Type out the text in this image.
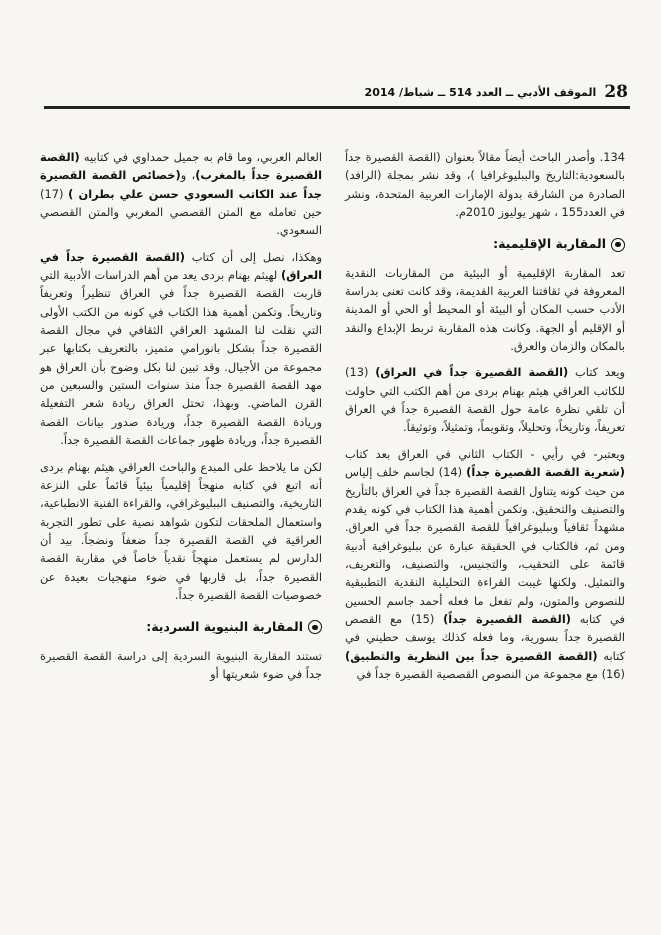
28
الموقف الأدبي ــ العدد 514 ــ شباط/ 2014

134. وأصدر الباحث أيضاً مقالاً بعنوان (القصة القصيرة جداً بالسعودية:التاريخ والببليوغرافيا )، وقد نشر بمجلة (الرافد) الصادرة من الشارقة بدولة الإمارات العربية المتحدة، ونشر في العدد155 ، شهر يوليوز 2010م.

المقاربة الإقليمية:

تعد المقاربة الإقليمية أو البيئية من المقاربات النقدية المعروفة في ثقافتنا العربية القديمة، وقد كانت تعنى بدراسة الأدب حسب المكان أو البيئة أو المحيط أو الحي أو المدينة أو الإقليم أو الجهة. وكانت هذه المقاربة تربط الإبداع والنقد بالمكان والزمان والعرق.

ويعد كتاب (القصة القصيرة جداً في العراق) (13) للكاتب العراقي هيثم بهنام بردى من أهم الكتب التي حاولت أن تلقي نظرة عامة حول القصة القصيرة جداً في العراق تعريفاً، وتاريخاً، وتحليلاً، وتقويماً، وتمثيلاً، وتوثيقاً.

ويعتبر- في رأيي - الكتاب الثاني في العراق بعد كتاب (شعرية القصة القصيرة جداً) (14) لجاسم خلف إلياس من حيث كونه يتناول القصة القصيرة جداً في العراق بالتأريخ والتصنيف والتحقيق. وتكمن أهمية هذا الكتاب في كونه يقدم مشهداً ثقافياً وببليوغرافياً للقصة القصيرة جداً في العراق. ومن ثم، فالكتاب في الحقيقة عبارة عن ببليوغرافية أدبية قائمة على التحقيب، والتجنيس، والتصنيف، والتعريف، والتمثيل. ولكنها غيبت القراءة التحليلية النقدية التطبيقية للنصوص والمتون، ولم تفعل ما فعله أحمد جاسم الحسين في كتابه (القصة القصيرة جداً) (15) مع القصص القصيرة جداً بسورية، وما فعله كذلك يوسف حطيني في كتابه (القصة القصيرة جداً بين النظرية والتطبيق) (16) مع مجموعة من النصوص القصصية القصيرة جداً في

العالم العربي، وما قام به جميل حمداوي في كتابيه (القصة القصيرة جداً بالمغرب)، و(خصائص القصة القصيرة جداً عند الكاتب السعودي حسن علي بطران ) (17) حين تعامله مع المتن القصصي المغربي والمتن القصصي السعودي.

وهكذا، نصل إلى أن كتاب (القصة القصيرة جداً في العراق) لهيثم بهنام بردى يعد من أهم الدراسات الأدبية التي قاربت القصة القصيرة جداً في العراق تنظيراً وتعريفاً وتاريخاً. وتكمن أهمية هذا الكتاب في كونه من الكتب الأولى التي نقلت لنا المشهد العراقي الثقافي في مجال القصة القصيرة جداً بشكل بانورامي متميز، بالتعريف بكتابها عبر مجموعة من الأجيال. وقد تبين لنا بكل وضوح بأن العراق هو مهد القصة القصيرة جداً منذ سنوات الستين والسبعين من القرن الماضي. وبهذا، تحتل العراق ريادة شعر التفعيلة وريادة القصة القصيرة جداً، وريادة صدور بيانات القصة القصيرة جداً، وريادة ظهور جماعات القصة القصيرة جداً.

لكن ما يلاحظ على المبدع والباحث العراقي هيثم بهنام بردى أنه اتبع في كتابه منهجاً إقليمياً بيئياً قائماً على النزعة التاريخية، والتصنيف الببليوغرافي، والقراءة الفنية الانطباعية، واستعمال الملحقات لتكون شواهد نصية على تطور التجربة العراقية في القصة القصيرة جداً ضعفاً ونضجاً. بيد أن الدارس لم يستعمل منهجاً نقدياً خاصاً في مقاربة القصة القصيرة جداً، بل قاربها في ضوء منهجيات بعيدة عن خصوصيات القصة القصيرة جداً.

المقاربة البنيوية السردية:

تستند المقاربة البنيوية السردية إلى دراسة القصة القصيرة جداً في ضوء شعريتها أو
